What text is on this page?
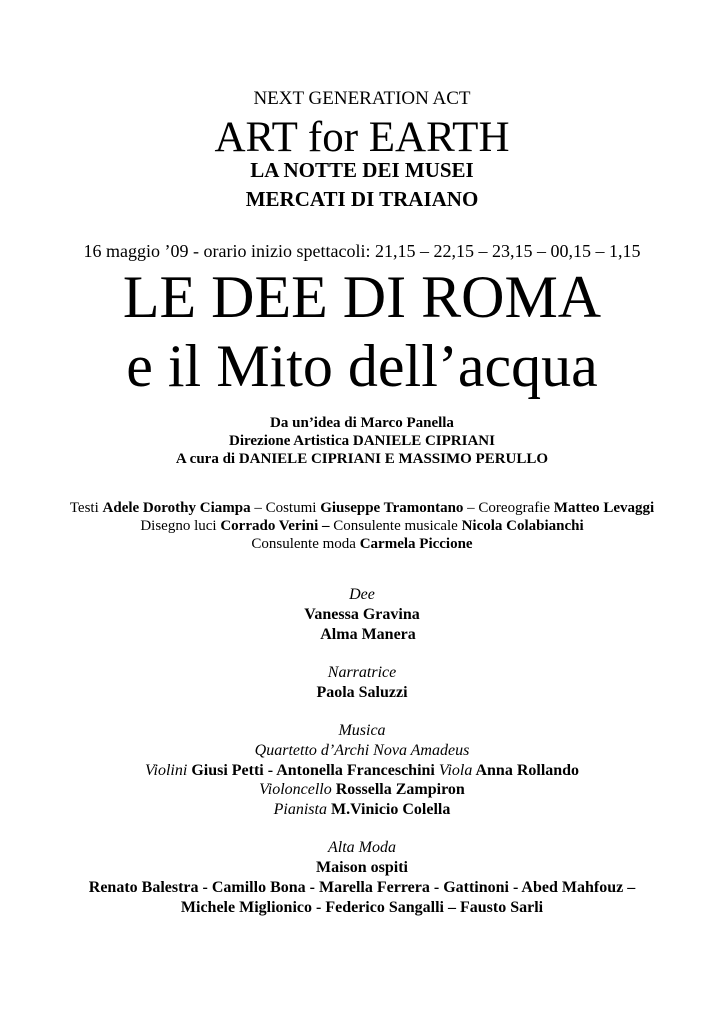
NEXT GENERATION ACT
ART for EARTH
LA NOTTE DEI MUSEI
MERCATI DI TRAIANO
16 maggio ’09 - orario inizio spettacoli: 21,15 – 22,15 – 23,15 – 00,15 – 1,15
LE DEE DI ROMA
e il Mito dell’acqua
Da un’idea di Marco Panella
Direzione Artistica DANIELE CIPRIANI
A cura di DANIELE CIPRIANI E MASSIMO PERULLO
Testi Adele Dorothy Ciampa – Costumi Giuseppe Tramontano – Coreografie Matteo Levaggi
Disegno luci Corrado Verini – Consulente musicale Nicola Colabianchi
Consulente moda Carmela Piccione
Dee
Vanessa Gravina
Alma Manera
Narratrice
Paola Saluzzi
Musica
Quartetto d’Archi Nova Amadeus
Violini Giusi Petti - Antonella Franceschini Viola Anna Rollando
Violoncello Rossella Zampiron
Pianista M.Vinicio Colella
Alta Moda
Maison ospiti
Renato Balestra - Camillo Bona - Marella Ferrera - Gattinoni - Abed Mahfouz –
Michele Miglionico - Federico Sangalli – Fausto Sarli
